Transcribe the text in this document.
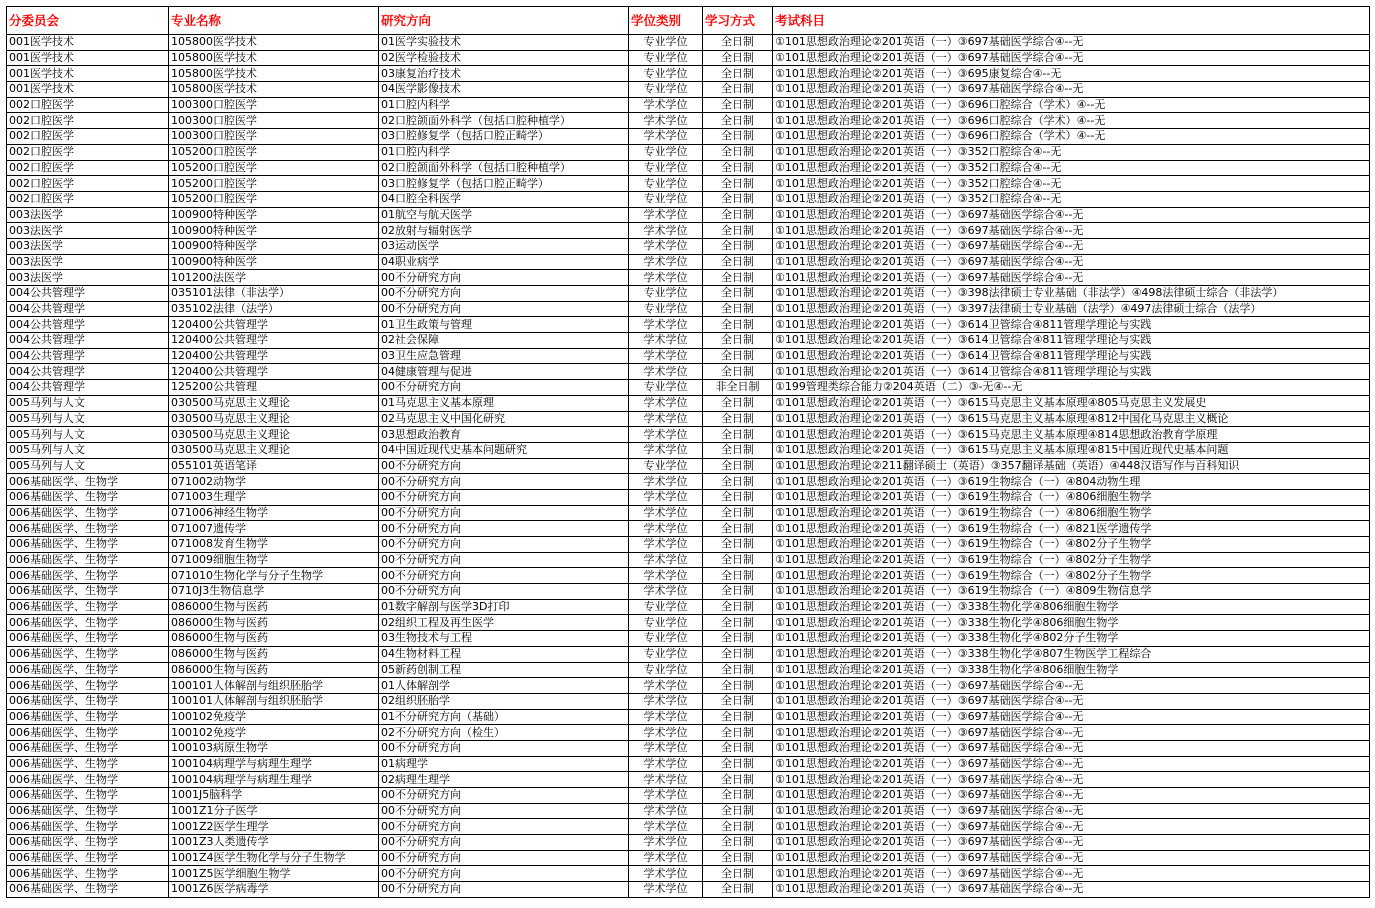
分委员会	专业名称	研究方向	学位类别	学习方式	考试科目
001医学技术	105800医学技术	01医学实验技术	专业学位	全日制	①101思想政治理论②201英语（一）③697基础医学综合④--无
001医学技术	105800医学技术	02医学检验技术	专业学位	全日制	①101思想政治理论②201英语（一）③697基础医学综合④--无
001医学技术	105800医学技术	03康复治疗技术	专业学位	全日制	①101思想政治理论②201英语（一）③695康复综合④--无
001医学技术	105800医学技术	04医学影像技术	专业学位	全日制	①101思想政治理论②201英语（一）③697基础医学综合④--无
002口腔医学	100300口腔医学	01口腔内科学	学术学位	全日制	①101思想政治理论②201英语（一）③696口腔综合（学术）④--无
002口腔医学	100300口腔医学	02口腔颌面外科学（包括口腔种植学）	学术学位	全日制	①101思想政治理论②201英语（一）③696口腔综合（学术）④--无
002口腔医学	100300口腔医学	03口腔修复学（包括口腔正畸学）	学术学位	全日制	①101思想政治理论②201英语（一）③696口腔综合（学术）④--无
002口腔医学	105200口腔医学	01口腔内科学	专业学位	全日制	①101思想政治理论②201英语（一）③352口腔综合④--无
002口腔医学	105200口腔医学	02口腔颌面外科学（包括口腔种植学）	专业学位	全日制	①101思想政治理论②201英语（一）③352口腔综合④--无
002口腔医学	105200口腔医学	03口腔修复学（包括口腔正畸学）	专业学位	全日制	①101思想政治理论②201英语（一）③352口腔综合④--无
002口腔医学	105200口腔医学	04口腔全科医学	专业学位	全日制	①101思想政治理论②201英语（一）③352口腔综合④--无
003法医学	100900特种医学	01航空与航天医学	学术学位	全日制	①101思想政治理论②201英语（一）③697基础医学综合④--无
003法医学	100900特种医学	02放射与辐射医学	学术学位	全日制	①101思想政治理论②201英语（一）③697基础医学综合④--无
003法医学	100900特种医学	03运动医学	学术学位	全日制	①101思想政治理论②201英语（一）③697基础医学综合④--无
003法医学	100900特种医学	04职业病学	学术学位	全日制	①101思想政治理论②201英语（一）③697基础医学综合④--无
003法医学	101200法医学	00不分研究方向	学术学位	全日制	①101思想政治理论②201英语（一）③697基础医学综合④--无
004公共管理学	035101法律（非法学）	00不分研究方向	专业学位	全日制	①101思想政治理论②201英语（一）③398法律硕士专业基础（非法学）④498法律硕士综合（非法学）
004公共管理学	035102法律（法学）	00不分研究方向	专业学位	全日制	①101思想政治理论②201英语（一）③397法律硕士专业基础（法学）④497法律硕士综合（法学）
004公共管理学	120400公共管理学	01卫生政策与管理	学术学位	全日制	①101思想政治理论②201英语（一）③614卫管综合④811管理学理论与实践
004公共管理学	120400公共管理学	02社会保障	学术学位	全日制	①101思想政治理论②201英语（一）③614卫管综合④811管理学理论与实践
004公共管理学	120400公共管理学	03卫生应急管理	学术学位	全日制	①101思想政治理论②201英语（一）③614卫管综合④811管理学理论与实践
004公共管理学	120400公共管理学	04健康管理与促进	学术学位	全日制	①101思想政治理论②201英语（一）③614卫管综合④811管理学理论与实践
004公共管理学	125200公共管理	00不分研究方向	专业学位	非全日制	①199管理类综合能力②204英语（二）③-无④--无
005马列与人文	030500马克思主义理论	01马克思主义基本原理	学术学位	全日制	①101思想政治理论②201英语（一）③615马克思主义基本原理④805马克思主义发展史
005马列与人文	030500马克思主义理论	02马克思主义中国化研究	学术学位	全日制	①101思想政治理论②201英语（一）③615马克思主义基本原理④812中国化马克思主义概论
005马列与人文	030500马克思主义理论	03思想政治教育	学术学位	全日制	①101思想政治理论②201英语（一）③615马克思主义基本原理④814思想政治教育学原理
005马列与人文	030500马克思主义理论	04中国近现代史基本问题研究	学术学位	全日制	①101思想政治理论②201英语（一）③615马克思主义基本原理④815中国近现代史基本问题
005马列与人文	055101英语笔译	00不分研究方向	专业学位	全日制	①101思想政治理论②211翻译硕士（英语）③357翻译基础（英语）④448汉语写作与百科知识
006基础医学、生物学	071002动物学	00不分研究方向	学术学位	全日制	①101思想政治理论②201英语（一）③619生物综合（一）④804动物生理
006基础医学、生物学	071003生理学	00不分研究方向	学术学位	全日制	①101思想政治理论②201英语（一）③619生物综合（一）④806细胞生物学
006基础医学、生物学	071006神经生物学	00不分研究方向	学术学位	全日制	①101思想政治理论②201英语（一）③619生物综合（一）④806细胞生物学
006基础医学、生物学	071007遗传学	00不分研究方向	学术学位	全日制	①101思想政治理论②201英语（一）③619生物综合（一）④821医学遗传学
006基础医学、生物学	071008发育生物学	00不分研究方向	学术学位	全日制	①101思想政治理论②201英语（一）③619生物综合（一）④802分子生物学
006基础医学、生物学	071009细胞生物学	00不分研究方向	学术学位	全日制	①101思想政治理论②201英语（一）③619生物综合（一）④802分子生物学
006基础医学、生物学	071010生物化学与分子生物学	00不分研究方向	学术学位	全日制	①101思想政治理论②201英语（一）③619生物综合（一）④802分子生物学
006基础医学、生物学	0710J3生物信息学	00不分研究方向	学术学位	全日制	①101思想政治理论②201英语（一）③619生物综合（一）④809生物信息学
006基础医学、生物学	086000生物与医药	01数字解剖与医学3D打印	专业学位	全日制	①101思想政治理论②201英语（一）③338生物化学④806细胞生物学
006基础医学、生物学	086000生物与医药	02组织工程及再生医学	专业学位	全日制	①101思想政治理论②201英语（一）③338生物化学④806细胞生物学
006基础医学、生物学	086000生物与医药	03生物技术与工程	专业学位	全日制	①101思想政治理论②201英语（一）③338生物化学④802分子生物学
006基础医学、生物学	086000生物与医药	04生物材料工程	专业学位	全日制	①101思想政治理论②201英语（一）③338生物化学④807生物医学工程综合
006基础医学、生物学	086000生物与医药	05新药创制工程	专业学位	全日制	①101思想政治理论②201英语（一）③338生物化学④806细胞生物学
006基础医学、生物学	100101人体解剖与组织胚胎学	01人体解剖学	学术学位	全日制	①101思想政治理论②201英语（一）③697基础医学综合④--无
006基础医学、生物学	100101人体解剖与组织胚胎学	02组织胚胎学	学术学位	全日制	①101思想政治理论②201英语（一）③697基础医学综合④--无
006基础医学、生物学	100102免疫学	01不分研究方向（基础）	学术学位	全日制	①101思想政治理论②201英语（一）③697基础医学综合④--无
006基础医学、生物学	100102免疫学	02不分研究方向（检生）	学术学位	全日制	①101思想政治理论②201英语（一）③697基础医学综合④--无
006基础医学、生物学	100103病原生物学	00不分研究方向	学术学位	全日制	①101思想政治理论②201英语（一）③697基础医学综合④--无
006基础医学、生物学	100104病理学与病理生理学	01病理学	学术学位	全日制	①101思想政治理论②201英语（一）③697基础医学综合④--无
006基础医学、生物学	100104病理学与病理生理学	02病理生理学	学术学位	全日制	①101思想政治理论②201英语（一）③697基础医学综合④--无
006基础医学、生物学	1001J5脑科学	00不分研究方向	学术学位	全日制	①101思想政治理论②201英语（一）③697基础医学综合④--无
006基础医学、生物学	1001Z1分子医学	00不分研究方向	学术学位	全日制	①101思想政治理论②201英语（一）③697基础医学综合④--无
006基础医学、生物学	1001Z2医学生理学	00不分研究方向	学术学位	全日制	①101思想政治理论②201英语（一）③697基础医学综合④--无
006基础医学、生物学	1001Z3人类遗传学	00不分研究方向	学术学位	全日制	①101思想政治理论②201英语（一）③697基础医学综合④--无
006基础医学、生物学	1001Z4医学生物化学与分子生物学	00不分研究方向	学术学位	全日制	①101思想政治理论②201英语（一）③697基础医学综合④--无
006基础医学、生物学	1001Z5医学细胞生物学	00不分研究方向	学术学位	全日制	①101思想政治理论②201英语（一）③697基础医学综合④--无
006基础医学、生物学	1001Z6医学病毒学	00不分研究方向	学术学位	全日制	①101思想政治理论②201英语（一）③697基础医学综合④--无
